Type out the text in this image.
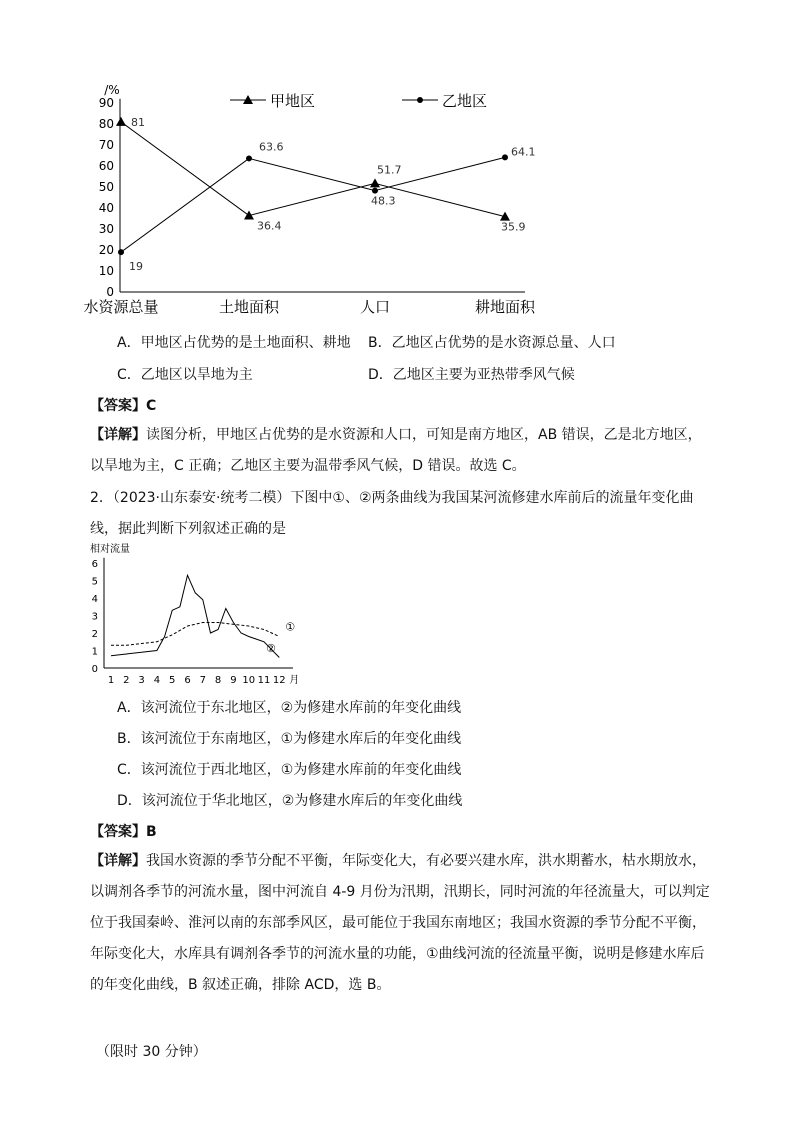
/%
0
10
20
30
40
50
60
70
80
90
水资源总量	土地面积	人口	耕地面积
81
36.4
51.7
35.9
19
63.6
48.3
64.1
甲地区	乙地区
A．甲地区占优势的是土地面积、耕地 B．乙地区占优势的是水资源总量、人口
C．乙地区以旱地为主	D．乙地区主要为亚热带季风气候
【答案】C
【详解】读图分析，甲地区占优势的是水资源和人口，可知是南方地区，AB 错误，乙是北方地区，以旱地为主，C 正确；乙地区主要为温带季风气候，D 错误。故选 C。
2．（2023·山东泰安·统考二模）下图中①、②两条曲线为我国某河流修建水库前后的流量年变化曲线，据此判断下列叙述正确的是
相对流量
0
1
2
3
4
5
6
1 2 3 4 5 6 7 8 9 10 11 12 月
①
②
A．该河流位于东北地区，②为修建水库前的年变化曲线
B．该河流位于东南地区，①为修建水库后的年变化曲线
C．该河流位于西北地区，①为修建水库前的年变化曲线
D．该河流位于华北地区，②为修建水库后的年变化曲线
【答案】B
【详解】我国水资源的季节分配不平衡，年际变化大，有必要兴建水库，洪水期蓄水，枯水期放水，以调剂各季节的河流水量，图中河流自 4-9 月份为汛期，汛期长，同时河流的年径流量大，可以判定位于我国秦岭、淮河以南的东部季风区，最可能位于我国东南地区；我国水资源的季节分配不平衡，年际变化大，水库具有调剂各季节的河流水量的功能，①曲线河流的径流量平衡，说明是修建水库后的年变化曲线，B 叙述正确，排除 ACD，选 B。
（限时 30 分钟）
